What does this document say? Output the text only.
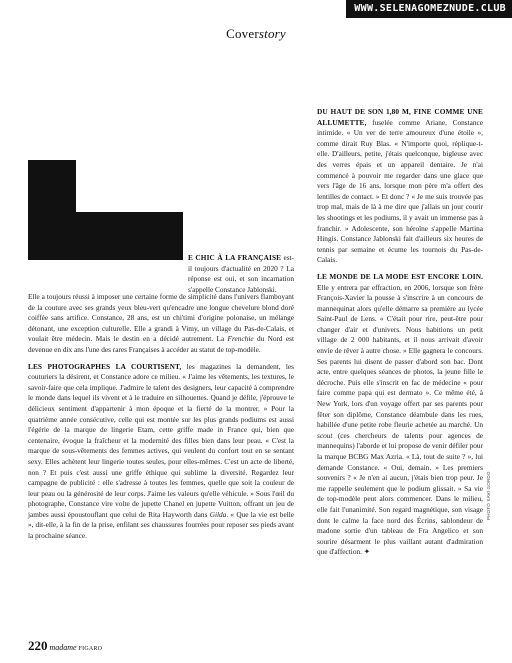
WWW.SELENAGOMEZNUDE.CLUB
Coverstory

E CHIC À LA FRANÇAISE est-il toujours d'actualité en 2020 ? La réponse est oui, et son incarnation s'appelle Constance Jablonski.

Elle a toujours réussi à imposer une certaine forme de simplicité dans l'univers flamboyant de la couture avec ses grands yeux bleu-vert qu'encadre une longue chevelure blond doré coiffée sans artifice. Constance, 28 ans, est un chi'timi d'origine polonaise, un mélange détonant, une exception culturelle. Elle a grandi à Vimy, un village du Pas-de-Calais, et voulait être médecin. Mais le destin en a décidé autrement. La Frenchie du Nord est devenue en dix ans l'une des rares Françaises à accéder au statut de top-modèle.

LES PHOTOGRAPHES LA COURTISENT, les magazines la demandent, les couturiers la désirent, et Constance adore ce milieu. « J'aime les vêtements, les textures, le savoir-faire que cela implique. J'admire le talent des designers, leur capacité à comprendre le monde dans lequel ils vivent et à le traduire en silhouettes. Quand je défile, j'éprouve le délicieux sentiment d'appartenir à mon époque et la fierté de la montrer. » Pour la quatrième année consécutive, celle qui est montée sur les plus grands podiums est aussi l'égérie de la marque de lingerie Etam, cette griffe made in France qui, bien que centenaire, évoque la fraîcheur et la modernité des filles bien dans leur peau. « C'est la marque de sous-vêtements des femmes actives, qui veulent du confort tout en se sentant sexy. Elles achètent leur lingerie toutes seules, pour elles-mêmes. C'est un acte de liberté, non ? Et puis c'est aussi une griffe éthique qui sublime la diversité. Regardez leur campagne de publicité : elle s'adresse à toutes les femmes, quelle que soit la couleur de leur peau ou la générosité de leur corps. J'aime les valeurs qu'elle véhicule. » Sous l'œil du photographe, Constance vire volte de jupette Chanel en jupette Vuitton, offrant un jeu de jambes aussi époustouflant que celui de Rita Hayworth dans Gilda. « Que la vie est belle », dit-elle, à la fin de la prise, enfilant ses chaussures fourrées pour reposer ses pieds avant la prochaine séance.

DU HAUT DE SON 1,80 M, FINE COMME UNE ALLUMETTE, fuselée comme Ariane, Constance intimide. « Un ver de terre amoureux d'une étoile », comme dirait Ruy Blas. « N'importe quoi, réplique-t-elle. D'ailleurs, petite, j'étais quelconque, bigleuse avec des verres épais et un appareil dentaire. Je n'ai commencé à pouvoir me regarder dans une glace que vers l'âge de 16 ans, lorsque mon père m'a offert des lentilles de contact. » Et donc ? « Je me suis trouvée pas trop mal, mais de là à me dire que j'allais un jour courir les shootings et les podiums, il y avait un immense pas à franchir. » Adolescente, son héroïne s'appelle Martina Hingis. Constance Jablonski fait d'ailleurs six heures de tennis par semaine et écume les tournois du Pas-de-Calais.

LE MONDE DE LA MODE EST ENCORE LOIN. Elle y entrera par effraction, en 2006, lorsque son frère François-Xavier la pousse à s'inscrire à un concours de mannequinat alors qu'elle démarre sa première au lycée Saint-Paul de Lens. « C'était pour rire, peut-être pour changer d'air et d'univers. Nous habitions un petit village de 2 000 habitants, et il nous arrivait d'avoir envie de rêver à autre chose. » Elle gagnera le concours. Ses parents lui disent de passer d'abord son bac. Dont acte, entre quelques séances de photos, la jeune fille le décroche. Puis elle s'inscrit en fac de médecine « pour faire comme papa qui est dermato ». Ce même été, à New York, lors d'un voyage offert par ses parents pour fêter son diplôme, Constance déambule dans les rues, habillée d'une petite robe fleurie achetée au marché. Un scout (ces chercheurs de talents pour agences de mannequins) l'aborde et lui propose de venir défiler pour la marque BCBG Max Azria. « Là, tout de suite ? », lui demande Constance. « Oui, demain. » Les premiers souvenirs ? « Je n'en ai aucun, j'étais bien trop peur. Je me rappelle seulement que le podium glissait. » Sa vie de top-modèle peut alors commencer. Dans le milieu, elle fait l'unanimité. Son regard magnétique, son visage dont le calme la face nord des Écrins, sablondeur de madone sortie d'un tableau de Fra Angelico et son sourire désarment le plus vaillant autant d'admiration que d'affection. ✦

PHOTO XAVI GORDO
220 madame FIGARO
